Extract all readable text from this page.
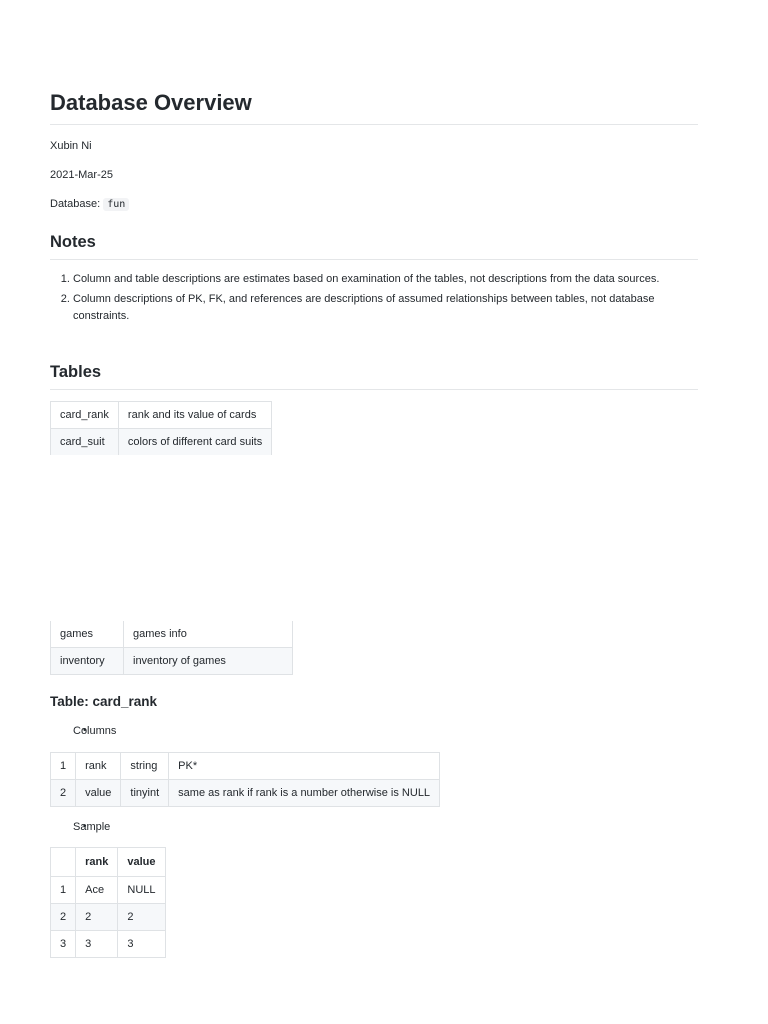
Database Overview

Xubin Ni

2021-Mar-25

Database: fun

Notes
1. Column and table descriptions are estimates based on examination of the tables, not descriptions from the data sources.
2. Column descriptions of PK, FK, and references are descriptions of assumed relationships between tables, not database constraints.
Tables
card_rank	rank and its value of cards
card_suit	colors of different card suits

games	games info
inventory	inventory of games
Table: card_rank
• Columns
1	rank	string	PK*
2	value	tinyint	same as rank if rank is a number otherwise is NULL
• Sample
	rank	value
1	Ace	NULL
2	2	2
3	3	3
